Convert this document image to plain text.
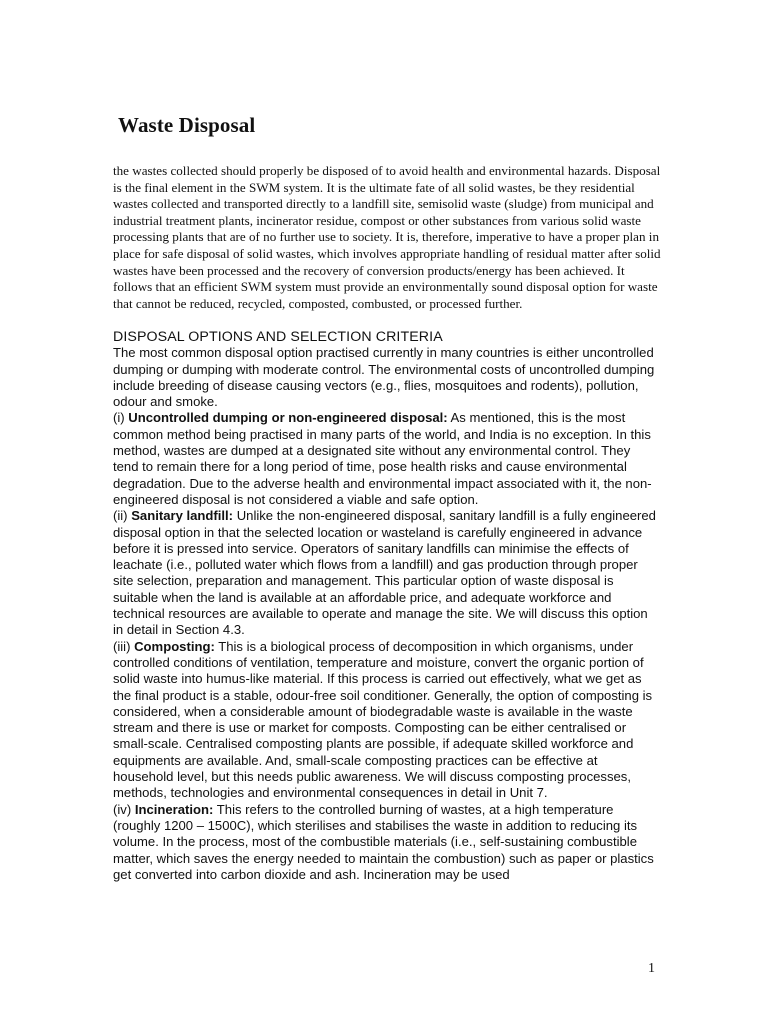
Waste Disposal

the wastes collected should properly be disposed of to avoid health and environmental hazards. Disposal is the final element in the SWM system. It is the ultimate fate of all solid wastes, be they residential wastes collected and transported directly to a landfill site, semisolid waste (sludge) from municipal and industrial treatment plants, incinerator residue, compost or other substances from various solid waste processing plants that are of no further use to society. It is, therefore, imperative to have a proper plan in place for safe disposal of solid wastes, which involves appropriate handling of residual matter after solid wastes have been processed and the recovery of conversion products/energy has been achieved. It follows that an efficient SWM system must provide an environmentally sound disposal option for waste that cannot be reduced, recycled, composted, combusted, or processed further.

DISPOSAL OPTIONS AND SELECTION CRITERIA

The most common disposal option practised currently in many countries is either uncontrolled dumping or dumping with moderate control. The environmental costs of uncontrolled dumping include breeding of disease causing vectors (e.g., flies, mosquitoes and rodents), pollution, odour and smoke.

(i) Uncontrolled dumping or non-engineered disposal: As mentioned, this is the most common method being practised in many parts of the world, and India is no exception. In this method, wastes are dumped at a designated site without any environmental control. They tend to remain there for a long period of time, pose health risks and cause environmental degradation. Due to the adverse health and environmental impact associated with it, the non-engineered disposal is not considered a viable and safe option.

(ii) Sanitary landfill: Unlike the non-engineered disposal, sanitary landfill is a fully engineered disposal option in that the selected location or wasteland is carefully engineered in advance before it is pressed into service. Operators of sanitary landfills can minimise the effects of leachate (i.e., polluted water which flows from a landfill) and gas production through proper site selection, preparation and management. This particular option of waste disposal is suitable when the land is available at an affordable price, and adequate workforce and technical resources are available to operate and manage the site. We will discuss this option in detail in Section 4.3.

(iii) Composting: This is a biological process of decomposition in which organisms, under controlled conditions of ventilation, temperature and moisture, convert the organic portion of solid waste into humus-like material. If this process is carried out effectively, what we get as the final product is a stable, odour-free soil conditioner. Generally, the option of composting is considered, when a considerable amount of biodegradable waste is available in the waste stream and there is use or market for composts. Composting can be either centralised or small-scale. Centralised composting plants are possible, if adequate skilled workforce and equipments are available. And, small-scale composting practices can be effective at household level, but this needs public awareness. We will discuss composting processes, methods, technologies and environmental consequences in detail in Unit 7.

(iv) Incineration: This refers to the controlled burning of wastes, at a high temperature (roughly 1200 – 1500C), which sterilises and stabilises the waste in addition to reducing its volume. In the process, most of the combustible materials (i.e., self-sustaining combustible matter, which saves the energy needed to maintain the combustion) such as paper or plastics get converted into carbon dioxide and ash. Incineration may be used

1
